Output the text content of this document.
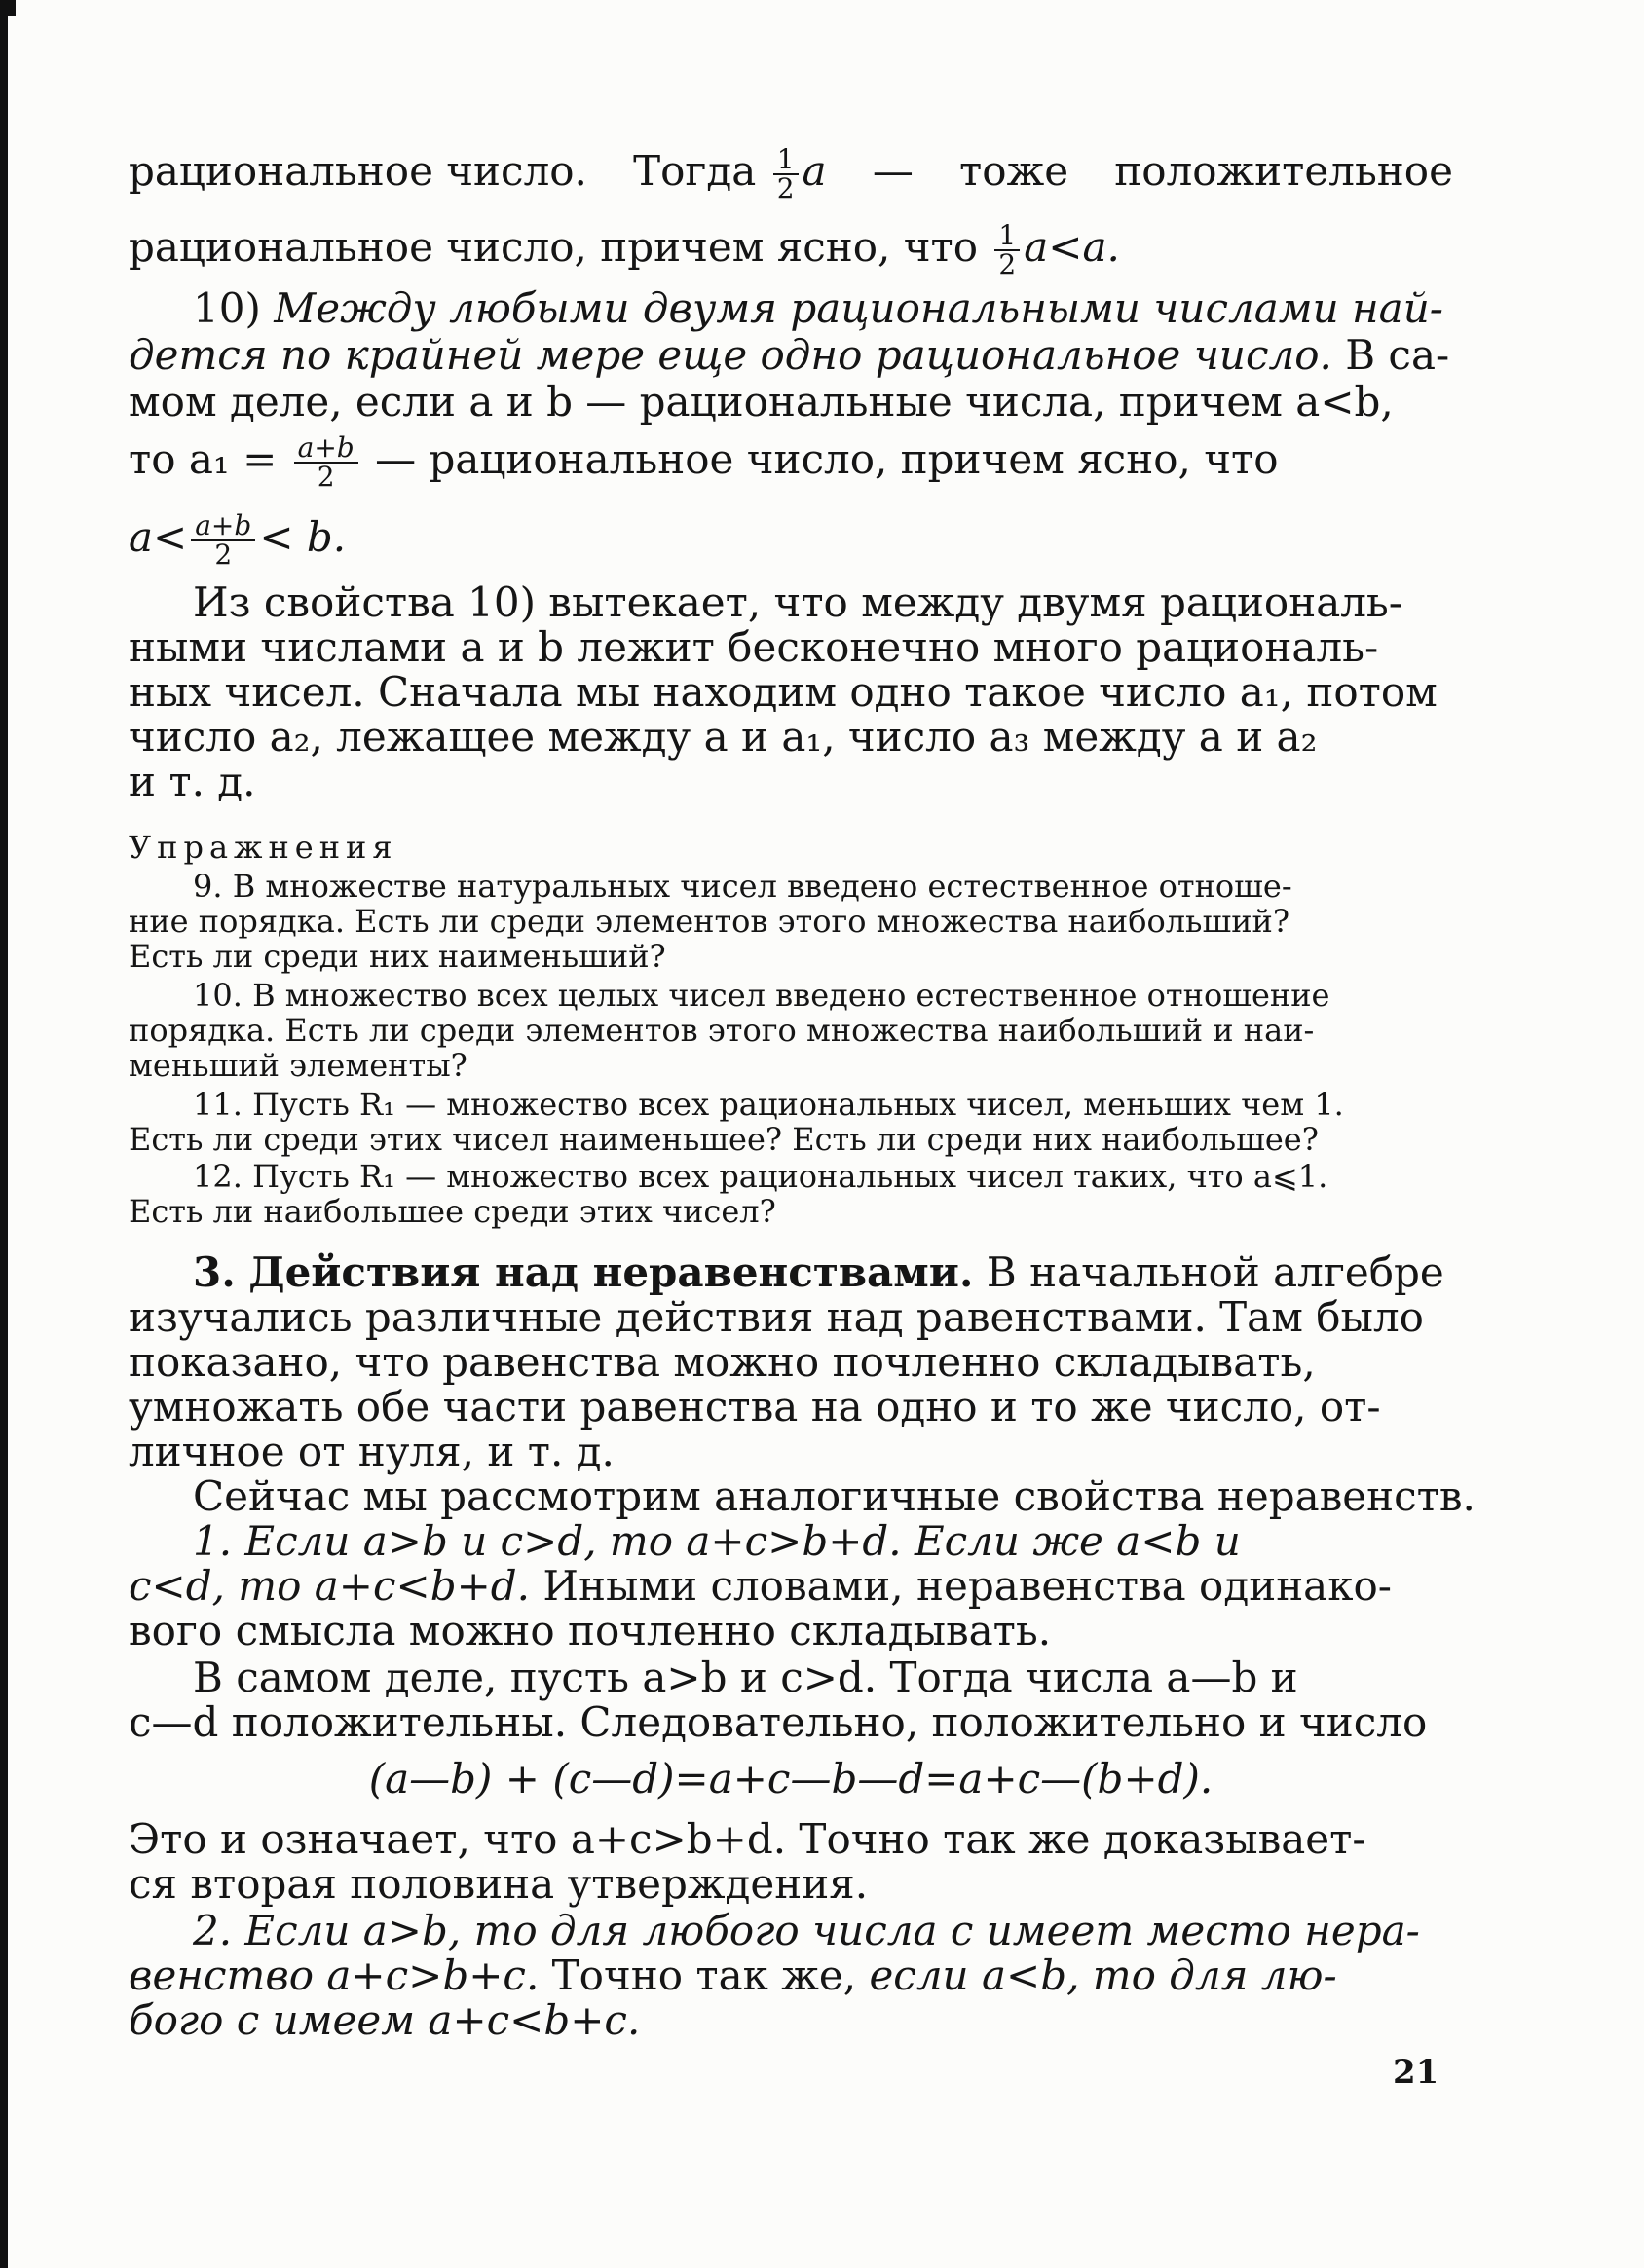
рациональное число. Тогда $\frac{1}{2}$ a — тоже положительное
рациональное число, причем ясно, что $\frac{1}{2} a<a$.
10) Между любыми двумя рациональными числами най-
дется по крайней мере еще одно рациональное число. В са-
мом деле, если a и b — рациональные числа, причем a<b,
то $a_1 = \frac{a+b}{2}$ — рациональное число, причем ясно, что
$a< \frac{a+b}{2} < b$.
Из свойства 10) вытекает, что между двумя рациональ-
ными числами a и b лежит бесконечно много рациональ-
ных чисел. Сначала мы находим одно такое число a₁, потом
число a₂, лежащее между a и a₁, число a₃ между a и a₂
и т. д.
Упражнения
9. В множестве натуральных чисел введено естественное отноше-
ние порядка. Есть ли среди элементов этого множества наибольший?
Есть ли среди них наименьший?
10. В множество всех целых чисел введено естественное отношение
порядка. Есть ли среди элементов этого множества наибольший и наи-
меньший элементы?
11. Пусть R₁ — множество всех рациональных чисел, меньших чем 1.
Есть ли среди этих чисел наименьшее? Есть ли среди них наибольшее?
12. Пусть R₁ — множество всех рациональных чисел таких, что a⩽1.
Есть ли наибольшее среди этих чисел?
3. Действия над неравенствами. В начальной алгебре
изучались различные действия над равенствами. Там было
показано, что равенства можно почленно складывать,
умножать обе части равенства на одно и то же число, от-
личное от нуля, и т. д.
Сейчас мы рассмотрим аналогичные свойства неравенств.
1. Если a>b и c>d, то a+c>b+d. Если же a<b и
c<d, то a+c<b+d. Иными словами, неравенства одинако-
вого смысла можно почленно складывать.
В самом деле, пусть a>b и c>d. Тогда числа a—b и
c—d положительны. Следовательно, положительно и число
(a—b) + (c—d)=a+c—b—d=a+c—(b+d).
Это и означает, что a+c>b+d. Точно так же доказывает-
ся вторая половина утверждения.
2. Если a>b, то для любого числа c имеет место нера-
венство a+c>b+c. Точно так же, если a<b, то для лю-
бого c имеем a+c<b+c.
21
